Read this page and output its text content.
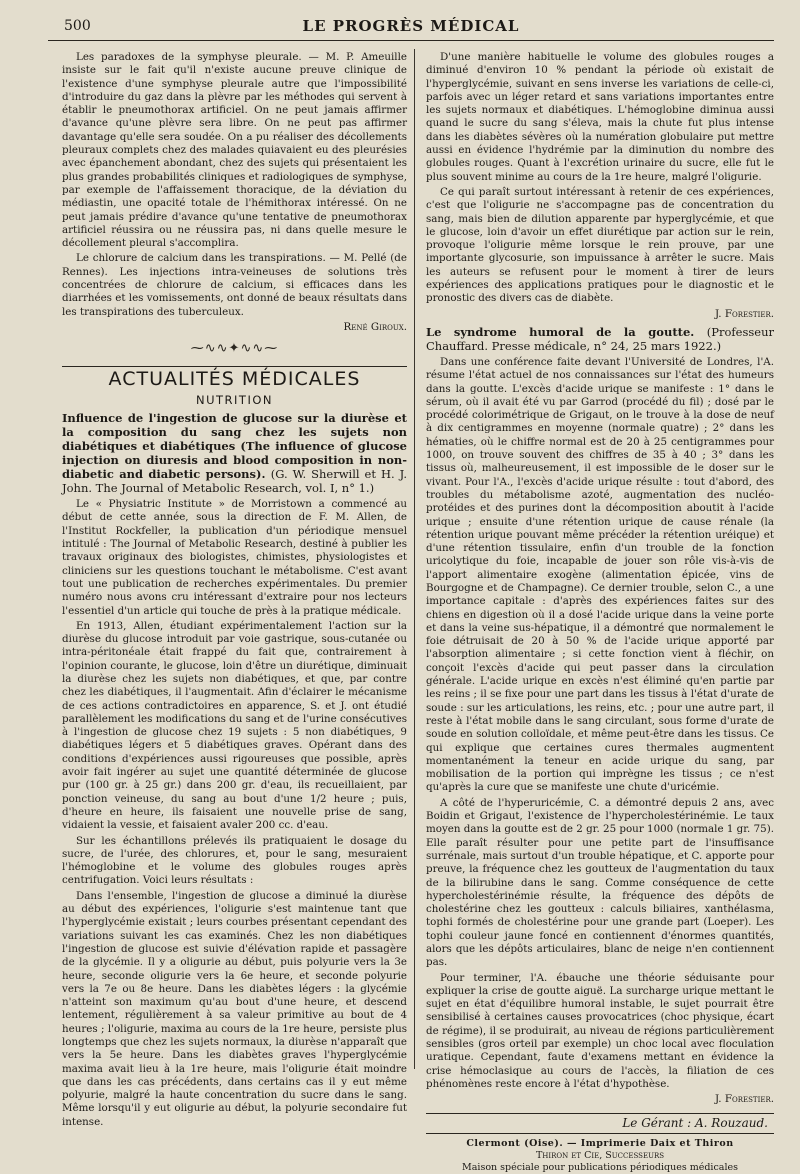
500	LE PROGRÈS MÉDICAL

Les paradoxes de la symphyse pleurale. — M. P. Ameuille insiste sur le fait qu'il n'existe aucune preuve clinique de l'existence d'une symphyse pleurale autre que l'impossibilité d'introduire du gaz dans la plèvre par les méthodes qui servent à établir le pneumothorax artificiel. On ne peut jamais affirmer d'avance qu'une plèvre sera libre. On ne peut pas affirmer davantage qu'elle sera soudée. On a pu réaliser des décollements pleuraux complets chez des malades quiavaient eu des pleurésies avec épanchement abondant, chez des sujets qui présentaient les plus grandes probabilités cliniques et radiologiques de symphyse, par exemple de l'affaissement thoracique, de la déviation du médiastin, une opacité totale de l'hémithorax intéressé. On ne peut jamais prédire d'avance qu'une tentative de pneumothorax artificiel réussira ou ne réussira pas, ni dans quelle mesure le décollement pleural s'accomplira.

Le chlorure de calcium dans les transpirations. — M. Pellé (de Rennes). Les injections intra-veineuses de solutions très concentrées de chlorure de calcium, si efficaces dans les diarrhées et les vomissements, ont donné de beaux résultats dans les transpirations des tuberculeux.

René Giroux.
⁓∿∿✦∿∿⁓
ACTUALITÉS MÉDICALES
NUTRITION
Influence de l'ingestion de glucose sur la diurèse et la composition du sang chez les sujets non diabétiques et diabétiques (The influence of glucose injection on diuresis and blood composition in non-diabetic and diabetic persons). (G. W. Sherwill et H. J. John. The Journal of Metabolic Research, vol. I, n° 1.)

Le « Physiatric Institute » de Morristown a commencé au début de cette année, sous la direction de F. M. Allen, de l'Institut Rockfeller, la publication d'un périodique mensuel intitulé : The Journal of Metabolic Research, destiné à publier les travaux originaux des biologistes, chimistes, physiologistes et cliniciens sur les questions touchant le métabolisme. C'est avant tout une publication de recherches expérimentales. Du premier numéro nous avons cru intéressant d'extraire pour nos lecteurs l'essentiel d'un article qui touche de près à la pratique médicale.

En 1913, Allen, étudiant expérimentalement l'action sur la diurèse du glucose introduit par voie gastrique, sous-cutanée ou intra-péritonéale était frappé du fait que, contrairement à l'opinion courante, le glucose, loin d'être un diurétique, diminuait la diurèse chez les sujets non diabétiques, et que, par contre chez les diabétiques, il l'augmentait. Afin d'éclairer le mécanisme de ces actions contradictoires en apparence, S. et J. ont étudié parallèlement les modifications du sang et de l'urine consécutives à l'ingestion de glucose chez 19 sujets : 5 non diabétiques, 9 diabétiques légers et 5 diabétiques graves. Opérant dans des conditions d'expériences aussi rigoureuses que possible, après avoir fait ingérer au sujet une quantité déterminée de glucose pur (100 gr. à 25 gr.) dans 200 gr. d'eau, ils recueillaient, par ponction veineuse, du sang au bout d'une 1/2 heure ; puis, d'heure en heure, ils faisaient une nouvelle prise de sang, vidaient la vessie, et faisaient avaler 200 cc. d'eau.

Sur les échantillons prélevés ils pratiquaient le dosage du sucre, de l'urée, des chlorures, et, pour le sang, mesuraient l'hémoglobine et le volume des globules rouges après centrifugation. Voici leurs résultats :

Dans l'ensemble, l'ingestion de glucose a diminué la diurèse au début des expériences, l'oligurie s'est maintenue tant que l'hyperglycémie existait ; leurs courbes présentant cependant des variations suivant les cas examinés. Chez les non diabétiques l'ingestion de glucose est suivie d'élévation rapide et passagère de la glycémie. Il y a oligurie au début, puis polyurie vers la 3e heure, seconde oligurie vers la 6e heure, et seconde polyurie vers la 7e ou 8e heure. Dans les diabètes légers : la glycémie n'atteint son maximum qu'au bout d'une heure, et descend lentement, régulièrement à sa valeur primitive au bout de 4 heures ; l'oligurie, maxima au cours de la 1re heure, persiste plus longtemps que chez les sujets normaux, la diurèse n'apparaît que vers la 5e heure. Dans les diabètes graves l'hyperglycémie maxima avait lieu à la 1re heure, mais l'oligurie était moindre que dans les cas précédents, dans certains cas il y eut même polyurie, malgré la haute concentration du sucre dans le sang. Même lorsqu'il y eut oligurie au début, la polyurie secondaire fut intense.

D'une manière habituelle le volume des globules rouges a diminué d'environ 10 % pendant la période où existait de l'hyperglycémie, suivant en sens inverse les variations de celle-ci, parfois avec un léger retard et sans variations importantes entre les sujets normaux et diabétiques. L'hémoglobine diminua aussi quand le sucre du sang s'éleva, mais la chute fut plus intense dans les diabètes sévères où la numération globulaire put mettre aussi en évidence l'hydrémie par la diminution du nombre des globules rouges. Quant à l'excrétion urinaire du sucre, elle fut le plus souvent minime au cours de la 1re heure, malgré l'oligurie.

Ce qui paraît surtout intéressant à retenir de ces expériences, c'est que l'oligurie ne s'accompagne pas de concentration du sang, mais bien de dilution apparente par hyperglycémie, et que le glucose, loin d'avoir un effet diurétique par action sur le rein, provoque l'oligurie même lorsque le rein prouve, par une importante glycosurie, son impuissance à arrêter le sucre. Mais les auteurs se refusent pour le moment à tirer de leurs expériences des applications pratiques pour le diagnostic et le pronostic des divers cas de diabète.

J. Forestier.
Le syndrome humoral de la goutte. (Professeur Chauffard. Presse médicale, n° 24, 25 mars 1922.)

Dans une conférence faite devant l'Université de Londres, l'A. résume l'état actuel de nos connaissances sur l'état des humeurs dans la goutte. L'excès d'acide urique se manifeste : 1° dans le sérum, où il avait été vu par Garrod (procédé du fil) ; dosé par le procédé colorimétrique de Grigaut, on le trouve à la dose de neuf à dix centigrammes en moyenne (normale quatre) ; 2° dans les hématies, où le chiffre normal est de 20 à 25 centigrammes pour 1000, on trouve souvent des chiffres de 35 à 40 ; 3° dans les tissus où, malheureusement, il est impossible de le doser sur le vivant. Pour l'A., l'excès d'acide urique résulte : tout d'abord, des troubles du métabolisme azoté, augmentation des nucléo-protéides et des purines dont la décomposition aboutit à l'acide urique ; ensuite d'une rétention urique de cause rénale (la rétention urique pouvant même précéder la rétention uréique) et d'une rétention tissulaire, enfin d'un trouble de la fonction uricolytique du foie, incapable de jouer son rôle vis-à-vis de l'apport alimentaire exogène (alimentation épicée, vins de Bourgogne et de Champagne). Ce dernier trouble, selon C., a une importance capitale : d'après des expériences faites sur des chiens en digestion où il a dosé l'acide urique dans la veine porte et dans la veine sus-hépatique, il a démontré que normalement le foie détruisait de 20 à 50 % de l'acide urique apporté par l'absorption alimentaire ; si cette fonction vient à fléchir, on conçoit l'excès d'acide qui peut passer dans la circulation générale. L'acide urique en excès n'est éliminé qu'en partie par les reins ; il se fixe pour une part dans les tissus à l'état d'urate de soude : sur les articulations, les reins, etc. ; pour une autre part, il reste à l'état mobile dans le sang circulant, sous forme d'urate de soude en solution colloïdale, et même peut-être dans les tissus. Ce qui explique que certaines cures thermales augmentent momentanément la teneur en acide urique du sang, par mobilisation de la portion qui imprègne les tissus ; ce n'est qu'après la cure que se manifeste une chute d'uricémie.

A côté de l'hyperuricémie, C. a démontré depuis 2 ans, avec Boidin et Grigaut, l'existence de l'hypercholestérinémie. Le taux moyen dans la goutte est de 2 gr. 25 pour 1000 (normale 1 gr. 75). Elle paraît résulter pour une petite part de l'insuffisance surrénale, mais surtout d'un trouble hépatique, et C. apporte pour preuve, la fréquence chez les goutteux de l'augmentation du taux de la bilirubine dans le sang. Comme conséquence de cette hypercholestérinémie résulte, la fréquence des dépôts de cholestérine chez les goutteux : calculs biliaires, xanthélasma, tophi formés de cholestérine pour une grande part (Loeper). Les tophi couleur jaune foncé en contiennent d'énormes quantités, alors que les dépôts articulaires, blanc de neige n'en contiennent pas.

Pour terminer, l'A. ébauche une théorie séduisante pour expliquer la crise de goutte aiguë. La surcharge urique mettant le sujet en état d'équilibre humoral instable, le sujet pourrait être sensibilisé à certaines causes provocatrices (choc physique, écart de régime), il se produirait, au niveau de régions particulièrement sensibles (gros orteil par exemple) un choc local avec floculation uratique. Cependant, faute d'examens mettant en évidence la crise hémoclasique au cours de l'accès, la filiation de ces phénomènes reste encore à l'état d'hypothèse.

J. Forestier.
Le Gérant : A. Rouzaud.
Clermont (Oise). — Imprimerie Daix et Thiron
Thiron et Cie, Successeurs
Maison spéciale pour publications périodiques médicales
